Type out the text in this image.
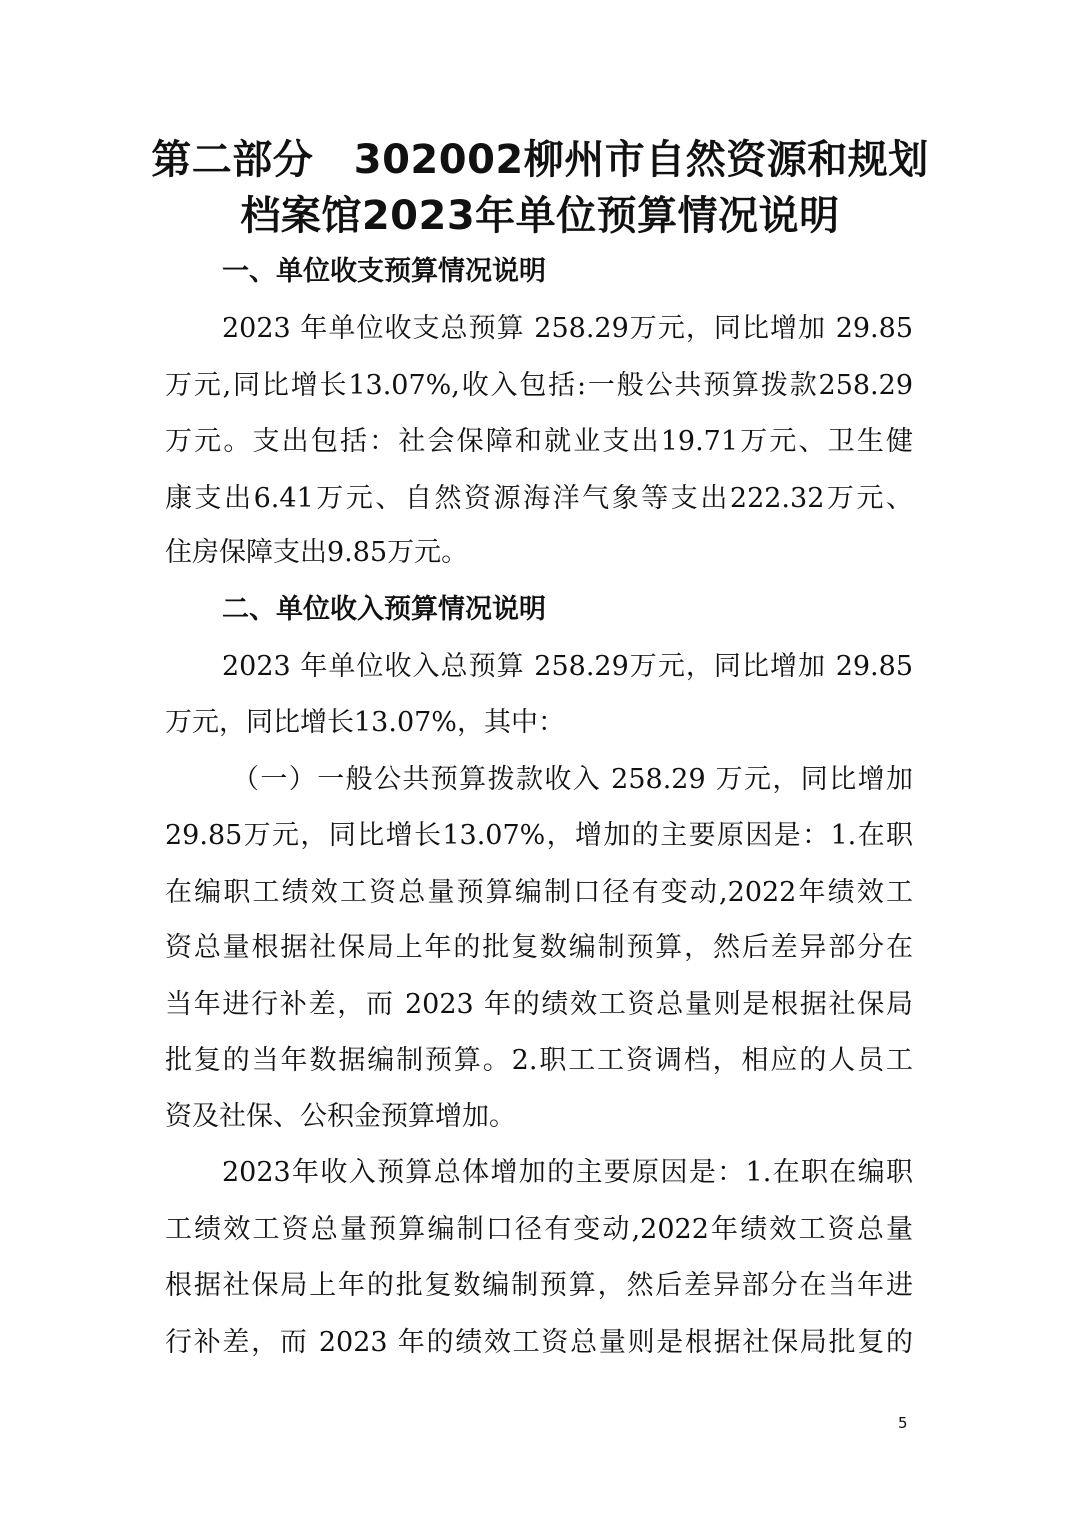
第二部分　302002柳州市自然资源和规划
档案馆2023年单位预算情况说明
一、单位收支预算情况说明
2023 年单位收支总预算 258.29万元，同比增加 29.85
万元,同比增长13.07%,收入包括:一般公共预算拨款258.29
万元。支出包括：社会保障和就业支出19.71万元、卫生健
康支出6.41万元、自然资源海洋气象等支出222.32万元、
住房保障支出9.85万元。
二、单位收入预算情况说明
2023 年单位收入总预算 258.29万元，同比增加 29.85
万元，同比增长13.07%，其中：
（一）一般公共预算拨款收入 258.29 万元，同比增加
29.85万元，同比增长13.07%，增加的主要原因是：1.在职
在编职工绩效工资总量预算编制口径有变动,2022年绩效工
资总量根据社保局上年的批复数编制预算，然后差异部分在
当年进行补差，而 2023 年的绩效工资总量则是根据社保局
批复的当年数据编制预算。2.职工工资调档，相应的人员工
资及社保、公积金预算增加。
2023年收入预算总体增加的主要原因是：1.在职在编职
工绩效工资总量预算编制口径有变动,2022年绩效工资总量
根据社保局上年的批复数编制预算，然后差异部分在当年进
行补差，而 2023 年的绩效工资总量则是根据社保局批复的
5
